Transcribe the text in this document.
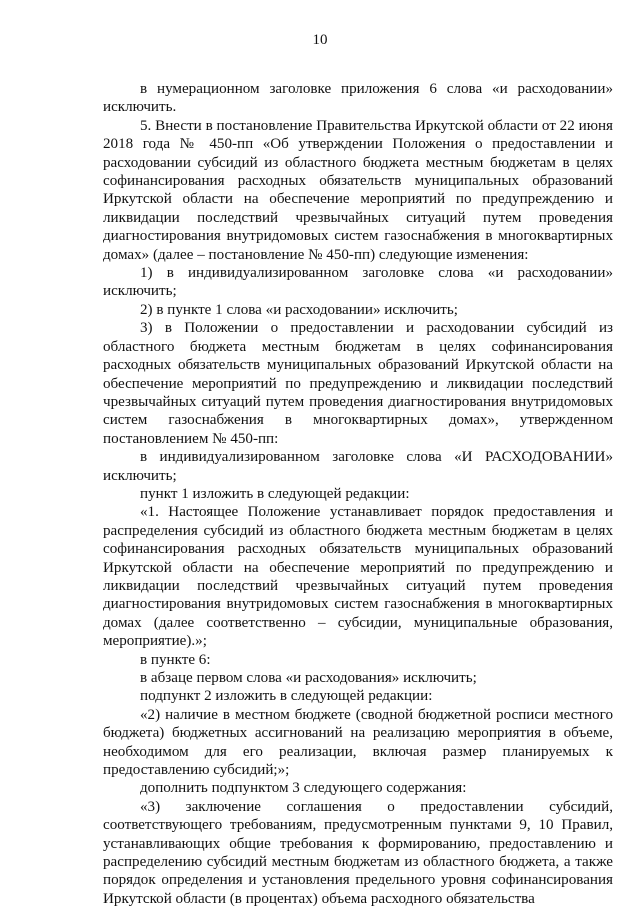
10

в нумерационном заголовке приложения 6 слова «и расходовании» исключить.

5. Внести в постановление Правительства Иркутской области от 22 июня 2018 года № 450-пп «Об утверждении Положения о предоставлении и расходовании субсидий из областного бюджета местным бюджетам в целях софинансирования расходных обязательств муниципальных образований Иркутской области на обеспечение мероприятий по предупреждению и ликвидации последствий чрезвычайных ситуаций путем проведения диагностирования внутридомовых систем газоснабжения в многоквартирных домах» (далее – постановление № 450-пп) следующие изменения:

1) в индивидуализированном заголовке слова «и расходовании» исключить;

2) в пункте 1 слова «и расходовании» исключить;

3) в Положении о предоставлении и расходовании субсидий из областного бюджета местным бюджетам в целях софинансирования расходных обязательств муниципальных образований Иркутской области на обеспечение мероприятий по предупреждению и ликвидации последствий чрезвычайных ситуаций путем проведения диагностирования внутридомовых систем газоснабжения в многоквартирных домах», утвержденном постановлением № 450-пп:

в индивидуализированном заголовке слова «И РАСХОДОВАНИИ» исключить;

пункт 1 изложить в следующей редакции:

«1. Настоящее Положение устанавливает порядок предоставления и распределения субсидий из областного бюджета местным бюджетам в целях софинансирования расходных обязательств муниципальных образований Иркутской области на обеспечение мероприятий по предупреждению и ликвидации последствий чрезвычайных ситуаций путем проведения диагностирования внутридомовых систем газоснабжения в многоквартирных домах (далее соответственно – субсидии, муниципальные образования, мероприятие).»;

в пункте 6:

в абзаце первом слова «и расходования» исключить;

подпункт 2 изложить в следующей редакции:

«2) наличие в местном бюджете (сводной бюджетной росписи местного бюджета) бюджетных ассигнований на реализацию мероприятия в объеме, необходимом для его реализации, включая размер планируемых к предоставлению субсидий;»;

дополнить подпунктом 3 следующего содержания:

«3) заключение соглашения о предоставлении субсидий, соответствующего требованиям, предусмотренным пунктами 9, 10 Правил, устанавливающих общие требования к формированию, предоставлению и распределению субсидий местным бюджетам из областного бюджета, а также порядок определения и установления предельного уровня софинансирования Иркутской области (в процентах) объема расходного обязательства
